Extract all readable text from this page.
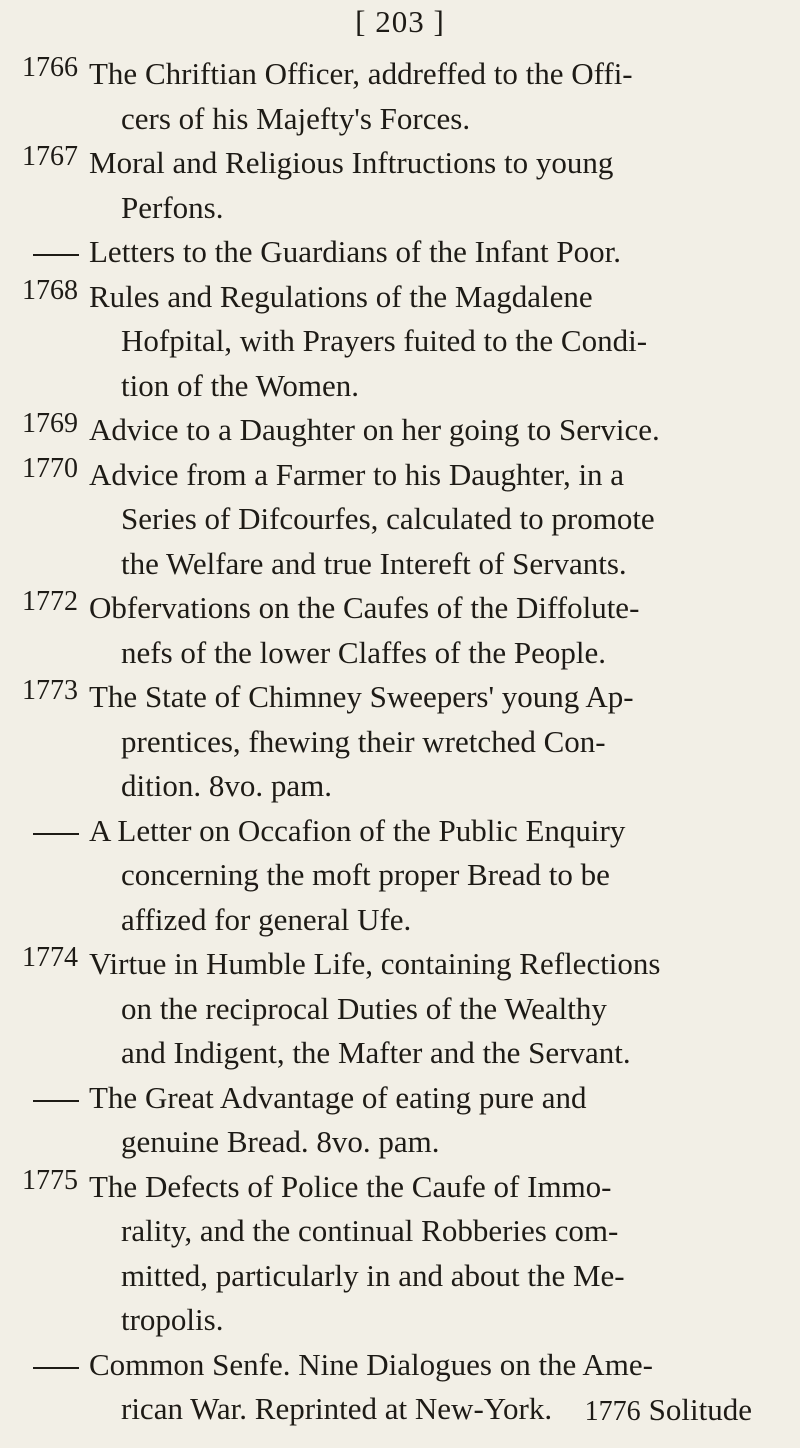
[ 203 ]
1766 The Chriftian Officer, addreffed to the Offi-
cers of his Majefty's Forces.
1767 Moral and Religious Inftructions to young
Perfons.
Letters to the Guardians of the Infant Poor.
1768 Rules and Regulations of the Magdalene
Hofpital, with Prayers fuited to the Condi-
tion of the Women.
1769 Advice to a Daughter on her going to Service.
1770 Advice from a Farmer to his Daughter, in a
Series of Difcourfes, calculated to promote
the Welfare and true Intereft of Servants.
1772 Obfervations on the Caufes of the Diffolute-
nefs of the lower Claffes of the People.
1773 The State of Chimney Sweepers' young Ap-
prentices, fhewing their wretched Con-
dition. 8vo. pam.
A Letter on Occafion of the Public Enquiry
concerning the moft proper Bread to be
affized for general Ufe.
1774 Virtue in Humble Life, containing Reflections
on the reciprocal Duties of the Wealthy
and Indigent, the Mafter and the Servant.
The Great Advantage of eating pure and
genuine Bread. 8vo. pam.
1775 The Defects of Police the Caufe of Immo-
rality, and the continual Robberies com-
mitted, particularly in and about the Me-
tropolis.
Common Senfe. Nine Dialogues on the Ame-
rican War. Reprinted at New-York.	1776 Solitude
